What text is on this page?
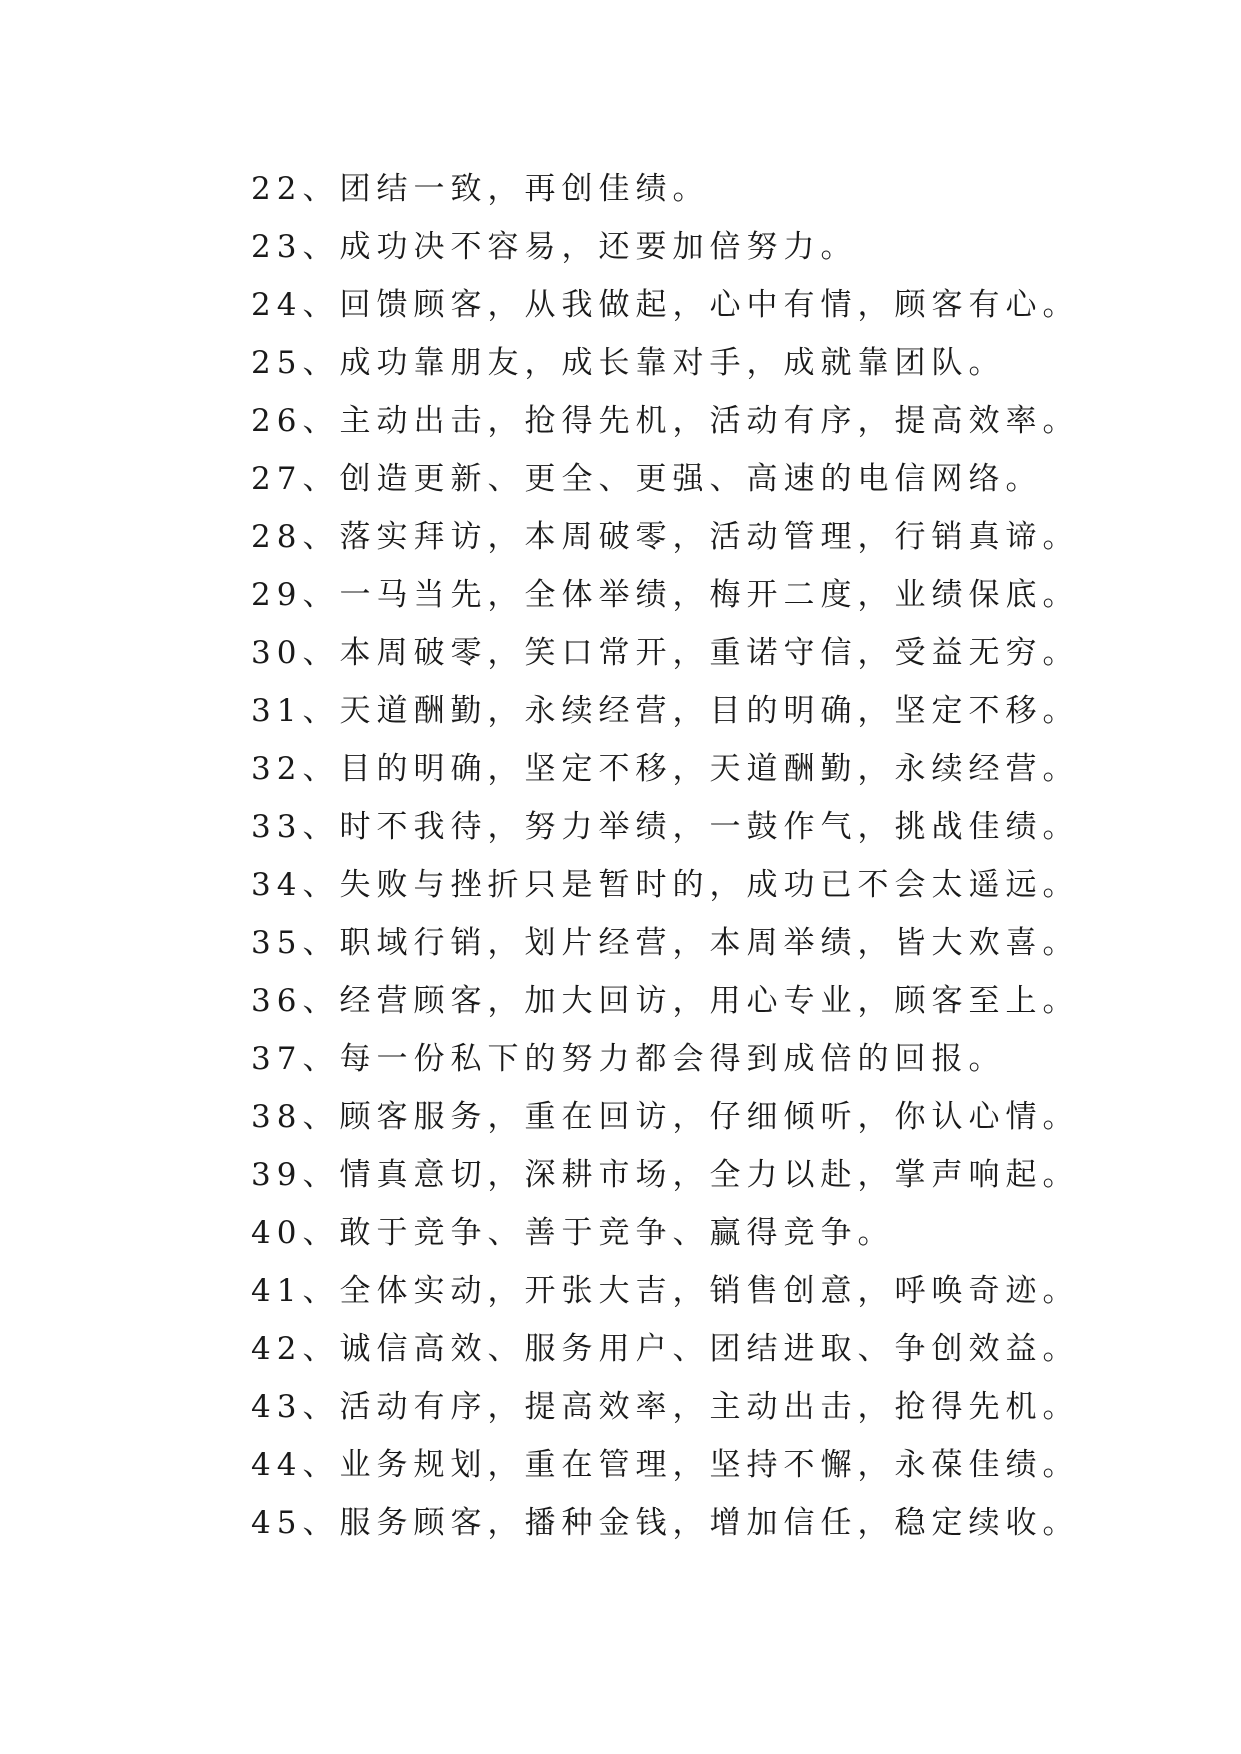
22、团结一致，再创佳绩。
23、成功决不容易，还要加倍努力。
24、回馈顾客，从我做起，心中有情，顾客有心。
25、成功靠朋友，成长靠对手，成就靠团队。
26、主动出击，抢得先机，活动有序，提高效率。
27、创造更新、更全、更强、高速的电信网络。
28、落实拜访，本周破零，活动管理，行销真谛。
29、一马当先，全体举绩，梅开二度，业绩保底。
30、本周破零，笑口常开，重诺守信，受益无穷。
31、天道酬勤，永续经营，目的明确，坚定不移。
32、目的明确，坚定不移，天道酬勤，永续经营。
33、时不我待，努力举绩，一鼓作气，挑战佳绩。
34、失败与挫折只是暂时的，成功已不会太遥远。
35、职域行销，划片经营，本周举绩，皆大欢喜。
36、经营顾客，加大回访，用心专业，顾客至上。
37、每一份私下的努力都会得到成倍的回报。
38、顾客服务，重在回访，仔细倾听，你认心情。
39、情真意切，深耕市场，全力以赴，掌声响起。
40、敢于竞争、善于竞争、赢得竞争。
41、全体实动，开张大吉，销售创意，呼唤奇迹。
42、诚信高效、服务用户、团结进取、争创效益。
43、活动有序，提高效率，主动出击，抢得先机。
44、业务规划，重在管理，坚持不懈，永葆佳绩。
45、服务顾客，播种金钱，增加信任，稳定续收。
